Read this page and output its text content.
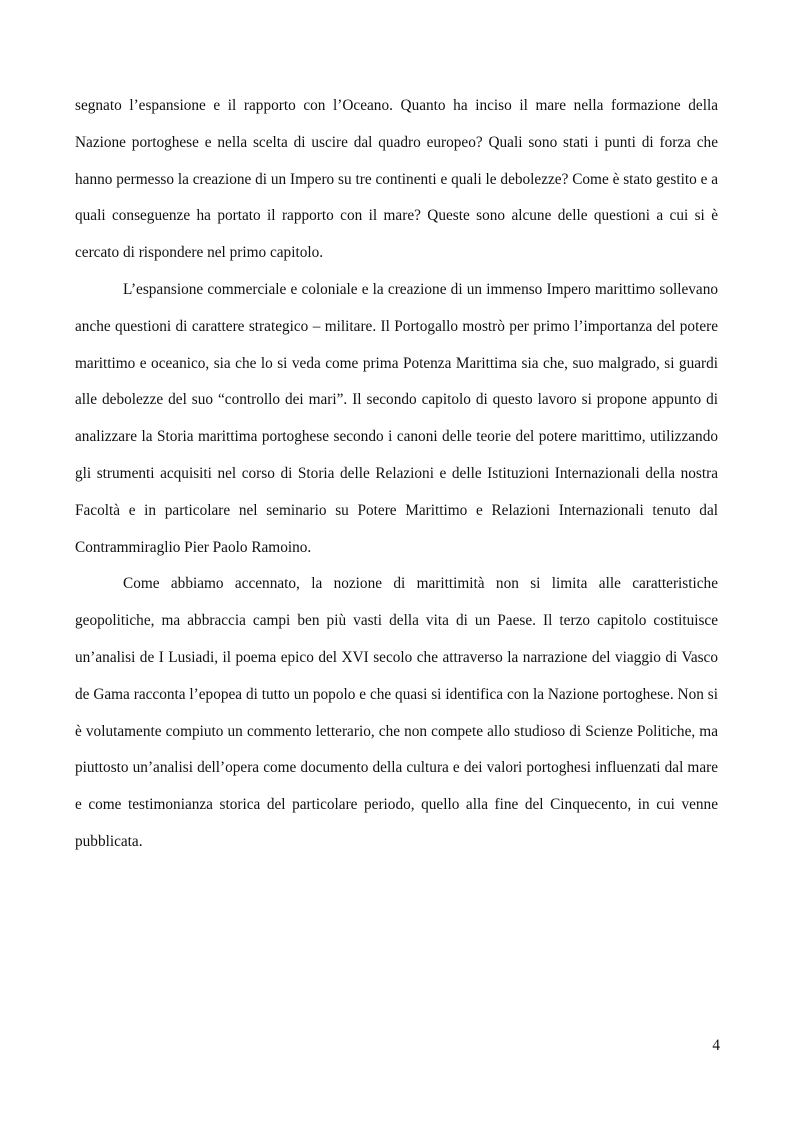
segnato l’espansione e il rapporto con l’Oceano. Quanto ha inciso il mare nella formazione della Nazione portoghese e nella scelta di uscire dal quadro europeo? Quali sono stati i punti di forza che hanno permesso la creazione di un Impero su tre continenti e quali le debolezze? Come è stato gestito e a quali conseguenze ha portato il rapporto con il mare? Queste sono alcune delle questioni a cui si è cercato di rispondere nel primo capitolo.

L’espansione commerciale e coloniale e la creazione di un immenso Impero marittimo sollevano anche questioni di carattere strategico – militare. Il Portogallo mostrò per primo l’importanza del potere marittimo e oceanico, sia che lo si veda come prima Potenza Marittima sia che, suo malgrado, si guardi alle debolezze del suo “controllo dei mari”. Il secondo capitolo di questo lavoro si propone appunto di analizzare la Storia marittima portoghese secondo i canoni delle teorie del potere marittimo, utilizzando gli strumenti acquisiti nel corso di Storia delle Relazioni e delle Istituzioni Internazionali della nostra Facoltà e in particolare nel seminario su Potere Marittimo e Relazioni Internazionali tenuto dal Contrammiraglio Pier Paolo Ramoino.

Come abbiamo accennato, la nozione di marittimità non si limita alle caratteristiche geopolitiche, ma abbraccia campi ben più vasti della vita di un Paese. Il terzo capitolo costituisce un’analisi de I Lusiadi, il poema epico del XVI secolo che attraverso la narrazione del viaggio di Vasco de Gama racconta l’epopea di tutto un popolo e che quasi si identifica con la Nazione portoghese. Non si è volutamente compiuto un commento letterario, che non compete allo studioso di Scienze Politiche, ma piuttosto un’analisi dell’opera come documento della cultura e dei valori portoghesi influenzati dal mare e come testimonianza storica del particolare periodo, quello alla fine del Cinquecento, in cui venne pubblicata.

4
